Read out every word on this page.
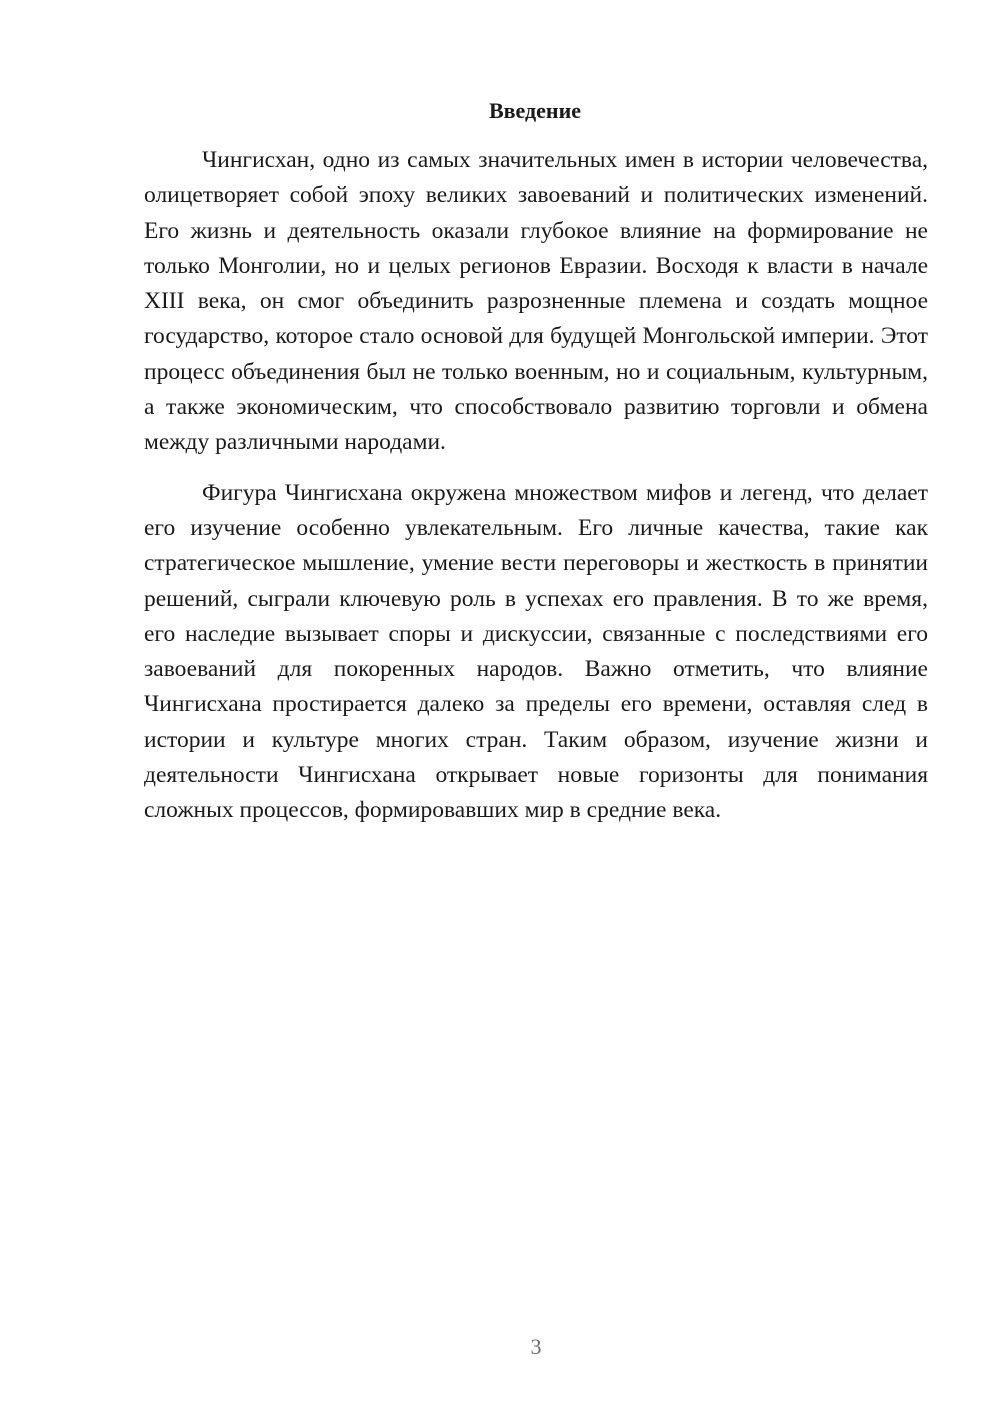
Введение

Чингисхан, одно из самых значительных имен в истории человечества, олицетворяет собой эпоху великих завоеваний и политических изменений. Его жизнь и деятельность оказали глубокое влияние на формирование не только Монголии, но и целых регионов Евразии. Восходя к власти в начале XIII века, он смог объединить разрозненные племена и создать мощное государство, которое стало основой для будущей Монгольской империи. Этот процесс объединения был не только военным, но и социальным, культурным, а также экономическим, что способствовало развитию торговли и обмена между различными народами.

Фигура Чингисхана окружена множеством мифов и легенд, что делает его изучение особенно увлекательным. Его личные качества, такие как стратегическое мышление, умение вести переговоры и жесткость в принятии решений, сыграли ключевую роль в успехах его правления. В то же время, его наследие вызывает споры и дискуссии, связанные с последствиями его завоеваний для покоренных народов. Важно отметить, что влияние Чингисхана простирается далеко за пределы его времени, оставляя след в истории и культуре многих стран. Таким образом, изучение жизни и деятельности Чингисхана открывает новые горизонты для понимания сложных процессов, формировавших мир в средние века.

3
